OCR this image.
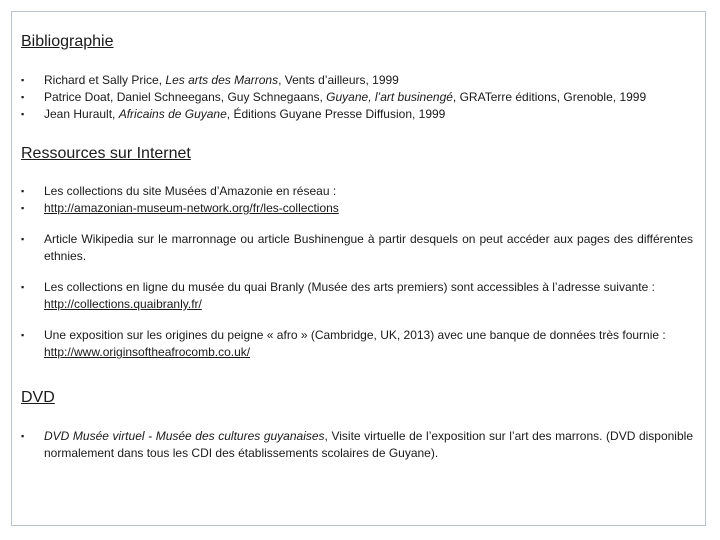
Bibliographie
▪ Richard et Sally Price, Les arts des Marrons, Vents d’ailleurs, 1999
▪ Patrice Doat, Daniel Schneegans, Guy Schnegaans, Guyane, l’art businengé, GRATerre éditions, Grenoble, 1999
▪ Jean Hurault, Africains de Guyane, Éditions Guyane Presse Diffusion, 1999
Ressources sur Internet
▪ Les collections du site Musées d’Amazonie en réseau :
▪ http://amazonian-museum-network.org/fr/les-collections
▪ Article Wikipedia sur le marronnage ou article Bushinengue à partir desquels on peut accéder aux pages des différentes ethnies.
▪ Les collections en ligne du musée du quai Branly (Musée des arts premiers) sont accessibles à l’adresse suivante :
http://collections.quaibranly.fr/
▪ Une exposition sur les origines du peigne « afro » (Cambridge, UK, 2013) avec une banque de données très fournie : http://www.originsoftheafrocomb.co.uk/
DVD
▪ DVD Musée virtuel - Musée des cultures guyanaises, Visite virtuelle de l’exposition sur l’art des marrons. (DVD disponible normalement dans tous les CDI des établissements scolaires de Guyane).
